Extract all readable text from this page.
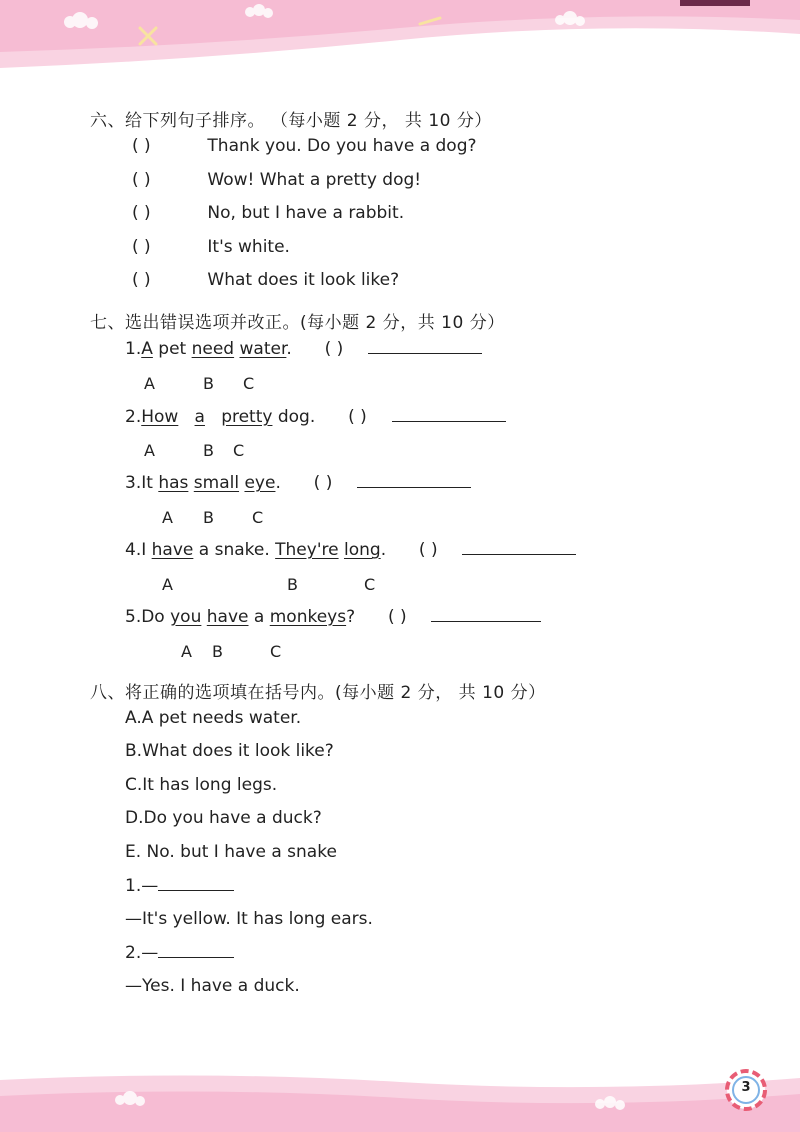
六、给下列句子排序。 （每小题 2 分， 共 10 分）
( )	Thank you. Do you have a dog?
( )	Wow! What a pretty dog!
( )	No, but I have a rabbit.
( )	It's white.
( )	What does it look like?
七、选出错误选项并改正。(每小题 2 分，共 10 分）
1.A pet need water. ( )
A	B C
2.How a pretty dog. ( )
A	B C
3.It has small eye. ( )
A B C
4.I have a snake. They're long. ( )
A	B	C
5.Do you have a monkeys? ( )
A B	C
八、将正确的选项填在括号内。(每小题 2 分， 共 10 分）
A.A pet needs water.
B.What does it look like?
C.It has long legs.
D.Do you have a duck?
E. No. but I have a snake
1.—
—It's yellow. It has long ears.
2.—
—Yes. I have a duck.
3
